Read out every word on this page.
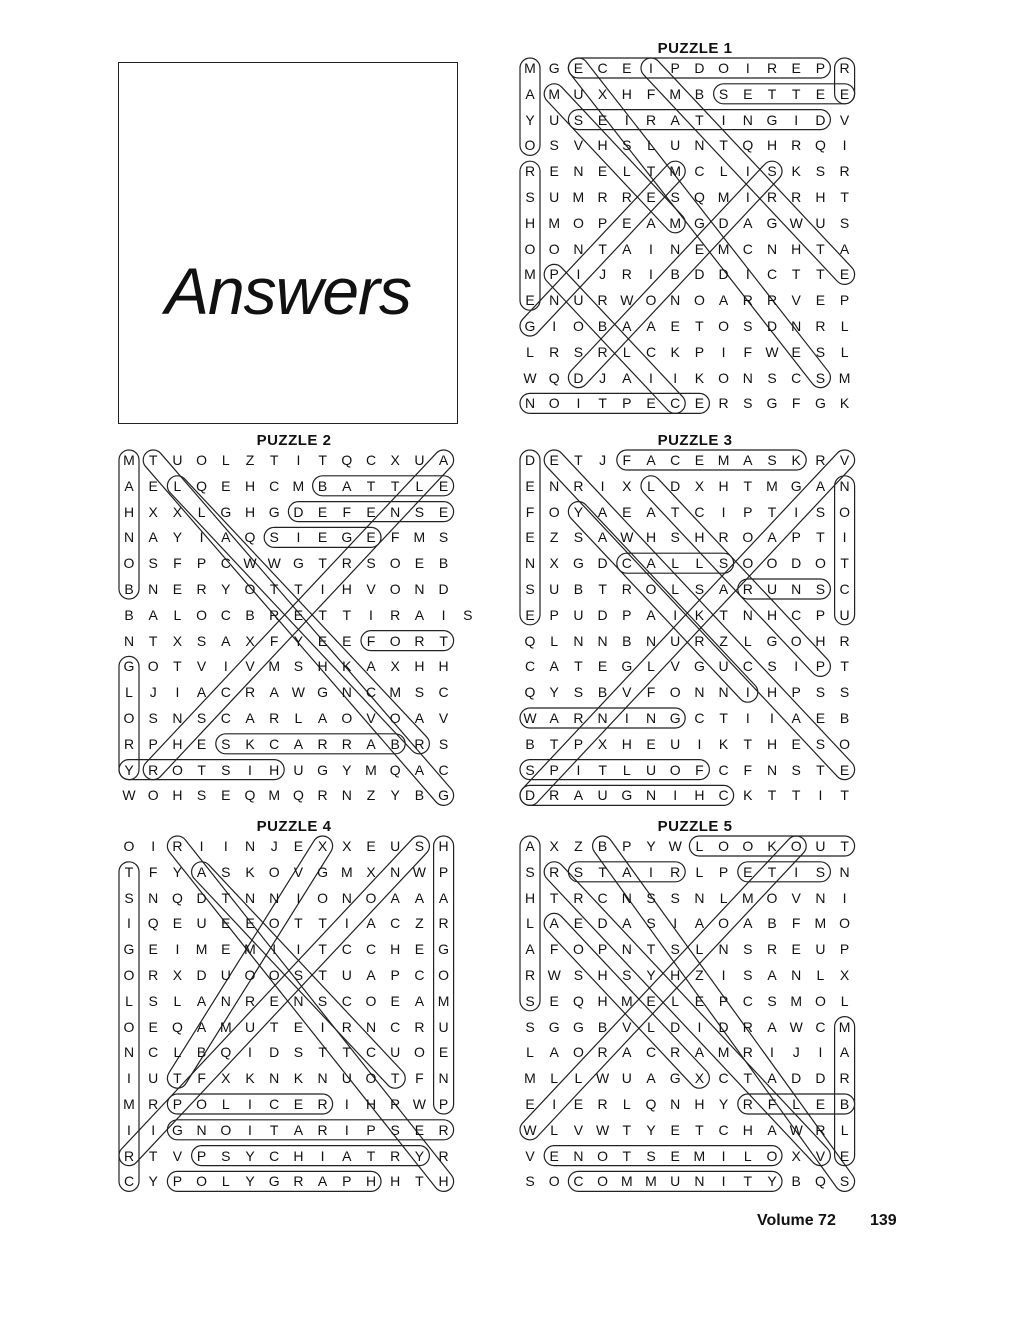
Answers
PUZZLE 1
M G	E	C	E	I	P	D O	I	R	E	P	R
A M U	X	H	F	M B	S	E	T	T	E	E
Y	U	S	E	I	R	A	T	I	N G	I	D	V
O	S	V	H	S	L	U	N	T	Q H	R Q	I
R	E	N	E	L	T	M C	L	I	S	K	S	R
S	U M R	R	E	S	Q M	I	R	R	H	T
H M O	P	E	A M G D	A	G W U	S
O O N	T	A	I	N	E M C	N	H	T	A
M P	I	J	R	I	B	D	D	I	C	T	T	E
E	N	U	R W O N O	A	R	R	V	E	P
G	I	O	B	A	A	E	T	O	S	D	N	R	L
L	R	S	R	L	C	K	P	I	F W E	S	L
W Q D	J	A	I	I	K	O N	S	C	S M
N O	I	T	P	E	C	E	R	S	G	F	G	K
PUZZLE 2
M	T	U O	L	Z	T	I	T	Q C	X	U	A
A	E	L	Q	E	H	C M B	A	T	T	L	E
H	X	X	L	G H G D	E	F	E	N	S	E
N	A	Y	I	A	Q	S	I	E	G	E	F	M S
O	S	F	P	C W W G	T	R	S	O	E	B
B	N	E	R	Y	O	T	T	I	H	V	O N	D
B	A	L	O C	B	R	E	T	T	I	R	A	I	S
N	T	X	S	A	X	F	Y	E	E	F	O R	T
G O	T	V	I	V M S	H	K	A	X	H	H
L	J	I	A	C	R	A W G N	C M S	C
O	S	N	S	C	A	R	L	A	O	V	O	A	V
R	P	H	E	S	K	C	A	R	R	A	B	R	S
Y	R O	T	S	I	H	U G	Y M Q	A	C
W O H	S	E	Q M Q R	N	Z	Y	B	G
PUZZLE 3
D	E	T	J	F	A	C	E M A	S	K	R	V
E	N	R	I	X	L	D	X	H	T	M G	A	N
F	O	Y	A	E	A	T	C	I	P	T	I	S	O
E	Z	S	A W H	S	H	R O	A	P	T	I
N	X	G D	C	A	L	L	S	O O D O	T
S	U	B	T	R O	L	S	A	R	U	N	S	C
E	P	U	D	P	A	I	K	T	N	H	C	P	U
Q	L	N	N	B	N	U	R	Z	L	G O H	R
C	A	T	E	G	L	V	G U	C	S	I	P	T
Q	Y	S	B	V	F	O N	N	I	H	P	S	S
W A	R	N	I	N G C	T	I	I	A	E	B
B	T	P	X	H	E	U	I	K	T	H	E	S	O
S	P	I	T	L	U O	F	C	F	N	S	T	E
D	R	A	U G N	I	H	C	K	T	T	I	T
PUZZLE 4
O	I	R	I	I	N	J	E	X	X	E	U	S	H
T	F	Y	A	S	K	O	V	G M X	N W P
S	N Q D	T	N	N	I	O N O	A	A	A
I	Q	E	U	E	E	O	T	T	I	A	C	Z	R
G	E	I	M E M	I	I	T	C	C	H	E	G
O R	X	D	U O O	S	T	U	A	P	C O
L	S	L	A	N	R	E	N	S	C O	E	A M
O	E	Q	A M U	T	E	I	R	N	C	R	U
N	C	L	B	Q	I	D	S	T	T	C	U O	E
I	U	T	F	X	K	N	K	N	U O	T	F	N
M R	P	O	L	I	C	E	R	I	H	R W P
I	I	G N O	I	T	A	R	I	P	S	E	R
R	T	V	P	S	Y	C	H	I	A	T	R	Y	R
C	Y	P	O	L	Y	G R	A	P	H	H	T	H
PUZZLE 5
A	X	Z	B	P	Y W L	O O	K	O U	T
S	R	S	T	A	I	R	L	P	E	T	I	S	N
H	T	R	C	N	S	S	N	L	M O	V	N	I
L	A	E	D	A	S	I	A	O	A	B	F	M O
A	F	O	P	N	T	S	L	N	S	R	E	U	P
R W S	H	S	Y	H	Z	I	S	A	N	L	X
S	E	Q H M E	L	E	P	C	S M O	L
S	G G	B	V	L	D	I	D	R	A W C M
L	A	O R	A	C	R	A M R	I	J	I	A
M	L	L W U	A	G	X	C	T	A	D	D	R
E	I	E	R	L	Q N	H	Y	R	F	L	E	B
W L	V W T	Y	E	T	C	H	A W R	L
V	E	N O	T	S	E M	I	L	O	X	V	E
S	O C O M M U	N	I	T	Y	B	Q	S
Volume 72 139
